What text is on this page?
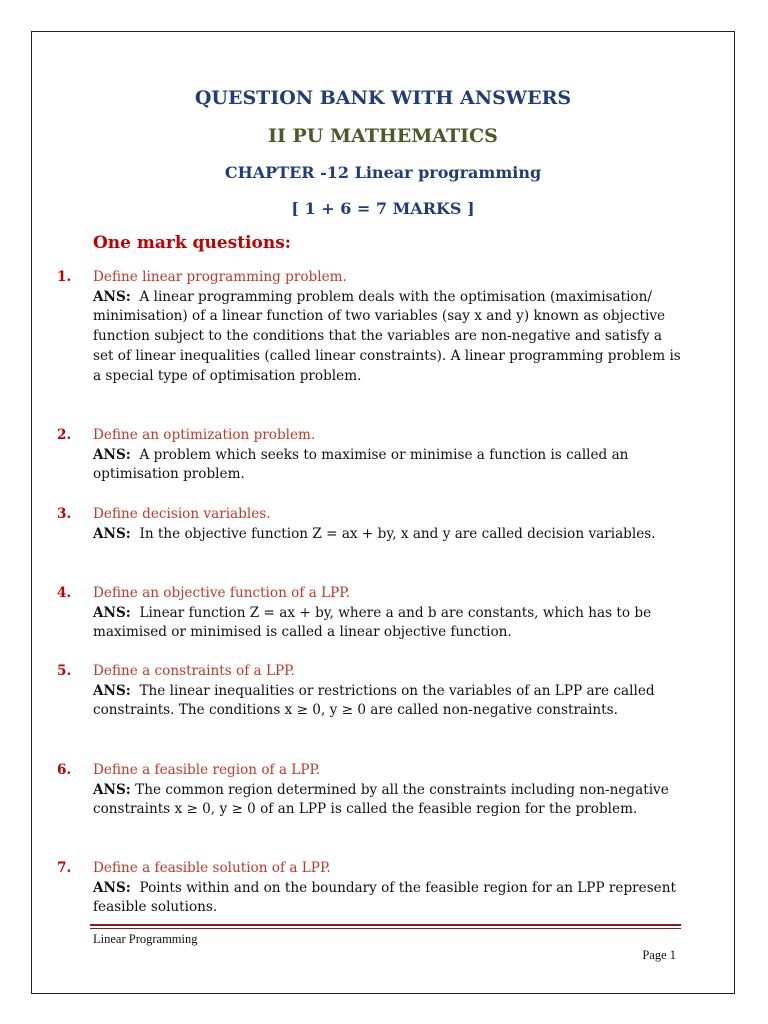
QUESTION BANK WITH ANSWERS
II PU MATHEMATICS
CHAPTER -12 Linear programming
[ 1 + 6 = 7 MARKS ]
One mark questions:
1.	Define linear programming problem.
ANS: A linear programming problem deals with the optimisation (maximisation/ minimisation) of a linear function of two variables (say x and y) known as objective function subject to the conditions that the variables are non-negative and satisfy a set of linear inequalities (called linear constraints). A linear programming problem is a special type of optimisation problem.
2.	Define an optimization problem.
ANS: A problem which seeks to maximise or minimise a function is called an optimisation problem.
3.	Define decision variables.
ANS: In the objective function Z = ax + by, x and y are called decision variables.
4.	Define an objective function of a LPP.
ANS: Linear function Z = ax + by, where a and b are constants, which has to be maximised or minimised is called a linear objective function.
5.	Define a constraints of a LPP.
ANS: The linear inequalities or restrictions on the variables of an LPP are called constraints. The conditions x ≥ 0, y ≥ 0 are called non-negative constraints.
6.	Define a feasible region of a LPP.
ANS: The common region determined by all the constraints including non-negative constraints x ≥ 0, y ≥ 0 of an LPP is called the feasible region for the problem.
7.	Define a feasible solution of a LPP.
ANS: Points within and on the boundary of the feasible region for an LPP represent feasible solutions.
Linear Programming
Page 1
